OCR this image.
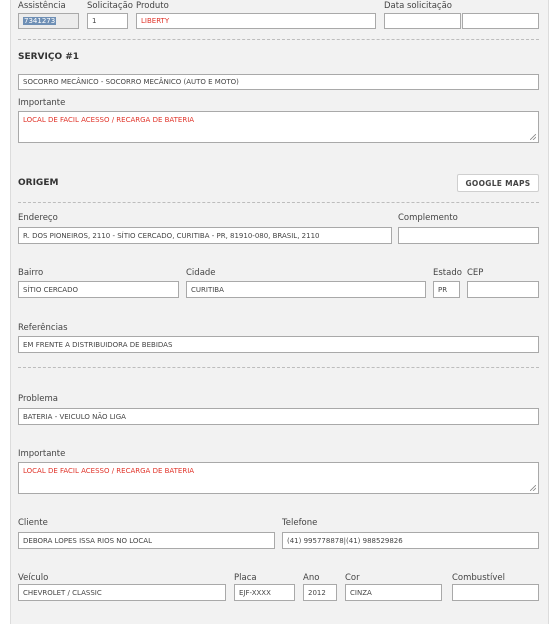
Assistência
7341273
Solicitação
1
Produto
LIBERTY
Data solicitação
SERVIÇO #1
SOCORRO MECÂNICO - SOCORRO MECÂNICO (AUTO E MOTO)
Importante
LOCAL DE FACIL ACESSO / RECARGA DE BATERIA
ORIGEM	GOOGLE MAPS
Endereço
R. DOS PIONEIROS, 2110 - SÍTIO CERCADO, CURITIBA - PR, 81910-080, BRASIL, 2110
Complemento
Bairro
SÍTIO CERCADO
Cidade
CURITIBA
Estado
PR
CEP
Referências
EM FRENTE A DISTRIBUIDORA DE BEBIDAS
Problema
BATERIA - VEICULO NÃO LIGA
Importante
LOCAL DE FACIL ACESSO / RECARGA DE BATERIA
Cliente
DEBORA LOPES ISSA RIOS NO LOCAL
Telefone
(41) 995778878|(41) 988529826
Veículo
CHEVROLET / CLASSIC
Placa
EJF-XXXX
Ano
2012
Cor
CINZA
Combustível
